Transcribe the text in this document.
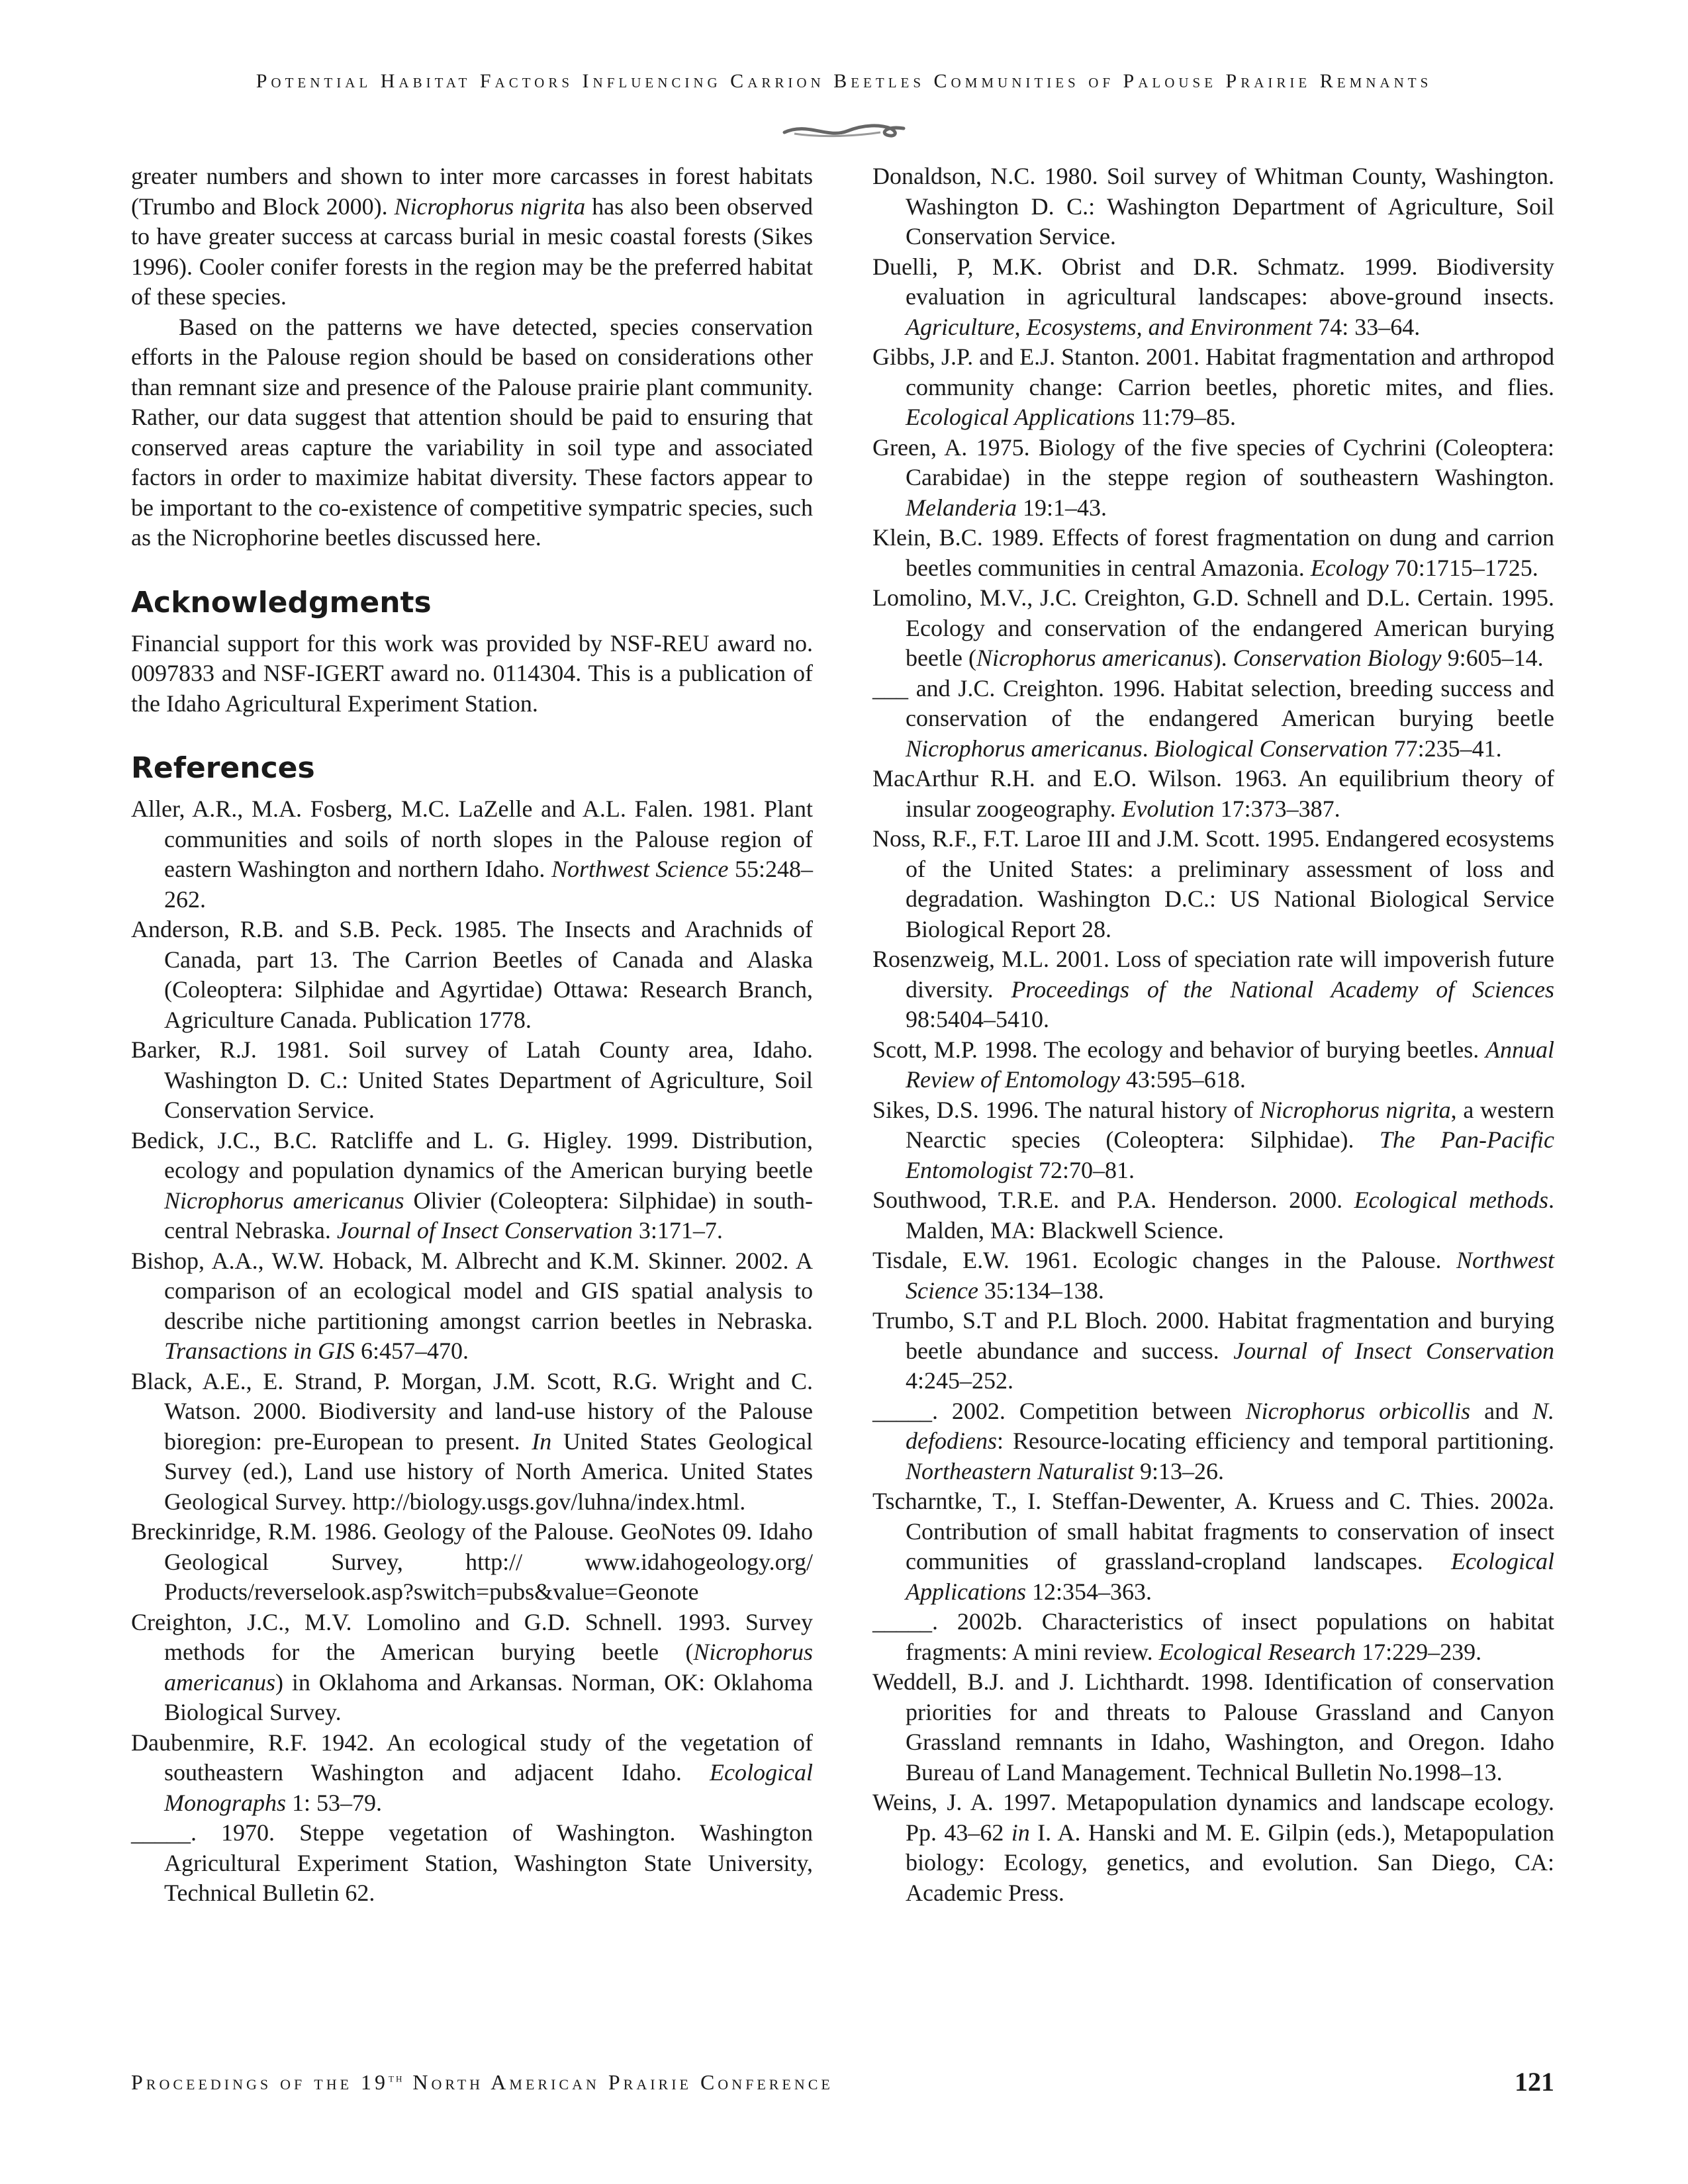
Potential Habitat Factors Influencing Carrion Beetles Communities of Palouse Prairie Remnants

greater numbers and shown to inter more carcasses in forest habitats (Trumbo and Block 2000). Nicrophorus nigrita has also been observed to have greater success at carcass burial in mesic coastal forests (Sikes 1996). Cooler conifer forests in the region may be the preferred habitat of these species.

Based on the patterns we have detected, species conservation efforts in the Palouse region should be based on considerations other than remnant size and presence of the Palouse prairie plant community. Rather, our data suggest that attention should be paid to ensuring that conserved areas capture the variability in soil type and associated factors in order to maximize habitat diversity. These factors appear to be important to the co-existence of competitive sympatric species, such as the Nicrophorine beetles discussed here.

Acknowledgments

Financial support for this work was provided by NSF-REU award no. 0097833 and NSF-IGERT award no. 0114304. This is a publication of the Idaho Agricultural Experiment Station.

References

Aller, A.R., M.A. Fosberg, M.C. LaZelle and A.L. Falen. 1981. Plant communities and soils of north slopes in the Palouse region of eastern Washington and northern Idaho. Northwest Science 55:248–262.

Anderson, R.B. and S.B. Peck. 1985. The Insects and Arachnids of Canada, part 13. The Carrion Beetles of Canada and Alaska (Coleoptera: Silphidae and Agyrtidae) Ottawa: Research Branch, Agriculture Canada. Publication 1778.

Barker, R.J. 1981. Soil survey of Latah County area, Idaho. Washington D. C.: United States Department of Agriculture, Soil Conservation Service.

Bedick, J.C., B.C. Ratcliffe and L. G. Higley. 1999. Distribution, ecology and population dynamics of the American burying beetle Nicrophorus americanus Olivier (Coleoptera: Silphidae) in south-central Nebraska. Journal of Insect Conservation 3:171–7.

Bishop, A.A., W.W. Hoback, M. Albrecht and K.M. Skinner. 2002. A comparison of an ecological model and GIS spatial analysis to describe niche partitioning amongst carrion beetles in Nebraska. Transactions in GIS 6:457–470.

Black, A.E., E. Strand, P. Morgan, J.M. Scott, R.G. Wright and C. Watson. 2000. Biodiversity and land-use history of the Palouse bioregion: pre-European to present. In United States Geological Survey (ed.), Land use history of North America. United States Geological Survey. http://biology.usgs.gov/luhna/index.html.

Breckinridge, R.M. 1986. Geology of the Palouse. GeoNotes 09. Idaho Geological Survey, http:// www.idahogeology.org/ Products/reverselook.asp?switch=pubs&value=Geonote

Creighton, J.C., M.V. Lomolino and G.D. Schnell. 1993. Survey methods for the American burying beetle (Nicrophorus americanus) in Oklahoma and Arkansas. Norman, OK: Oklahoma Biological Survey.

Daubenmire, R.F. 1942. An ecological study of the vegetation of southeastern Washington and adjacent Idaho. Ecological Monographs 1: 53–79.

_____. 1970. Steppe vegetation of Washington. Washington Agricultural Experiment Station, Washington State University, Technical Bulletin 62.

Donaldson, N.C. 1980. Soil survey of Whitman County, Washington. Washington D. C.: Washington Department of Agriculture, Soil Conservation Service.

Duelli, P, M.K. Obrist and D.R. Schmatz. 1999. Biodiversity evaluation in agricultural landscapes: above-ground insects. Agriculture, Ecosystems, and Environment 74: 33–64.

Gibbs, J.P. and E.J. Stanton. 2001. Habitat fragmentation and arthropod community change: Carrion beetles, phoretic mites, and flies. Ecological Applications 11:79–85.

Green, A. 1975. Biology of the five species of Cychrini (Coleoptera: Carabidae) in the steppe region of southeastern Washington. Melanderia 19:1–43.

Klein, B.C. 1989. Effects of forest fragmentation on dung and carrion beetles communities in central Amazonia. Ecology 70:1715–1725.

Lomolino, M.V., J.C. Creighton, G.D. Schnell and D.L. Certain. 1995. Ecology and conservation of the endangered American burying beetle (Nicrophorus americanus). Conservation Biology 9:605–14.

___ and J.C. Creighton. 1996. Habitat selection, breeding success and conservation of the endangered American burying beetle Nicrophorus americanus. Biological Conservation 77:235–41.

MacArthur R.H. and E.O. Wilson. 1963. An equilibrium theory of insular zoogeography. Evolution 17:373–387.

Noss, R.F., F.T. Laroe III and J.M. Scott. 1995. Endangered ecosystems of the United States: a preliminary assessment of loss and degradation. Washington D.C.: US National Biological Service Biological Report 28.

Rosenzweig, M.L. 2001. Loss of speciation rate will impoverish future diversity. Proceedings of the National Academy of Sciences 98:5404–5410.

Scott, M.P. 1998. The ecology and behavior of burying beetles. Annual Review of Entomology 43:595–618.

Sikes, D.S. 1996. The natural history of Nicrophorus nigrita, a western Nearctic species (Coleoptera: Silphidae). The Pan-Pacific Entomologist 72:70–81.

Southwood, T.R.E. and P.A. Henderson. 2000. Ecological methods. Malden, MA: Blackwell Science.

Tisdale, E.W. 1961. Ecologic changes in the Palouse. Northwest Science 35:134–138.

Trumbo, S.T and P.L Bloch. 2000. Habitat fragmentation and burying beetle abundance and success. Journal of Insect Conservation 4:245–252.

_____. 2002. Competition between Nicrophorus orbicollis and N. defodiens: Resource-locating efficiency and temporal partitioning. Northeastern Naturalist 9:13–26.

Tscharntke, T., I. Steffan-Dewenter, A. Kruess and C. Thies. 2002a. Contribution of small habitat fragments to conservation of insect communities of grassland-cropland landscapes. Ecological Applications 12:354–363.

_____. 2002b. Characteristics of insect populations on habitat fragments: A mini review. Ecological Research 17:229–239.

Weddell, B.J. and J. Lichthardt. 1998. Identification of conservation priorities for and threats to Palouse Grassland and Canyon Grassland remnants in Idaho, Washington, and Oregon. Idaho Bureau of Land Management. Technical Bulletin No.1998–13.

Weins, J. A. 1997. Metapopulation dynamics and landscape ecology. Pp. 43–62 in I. A. Hanski and M. E. Gilpin (eds.), Metapopulation biology: Ecology, genetics, and evolution. San Diego, CA: Academic Press.

Proceedings of the 19th North American Prairie Conference	121
